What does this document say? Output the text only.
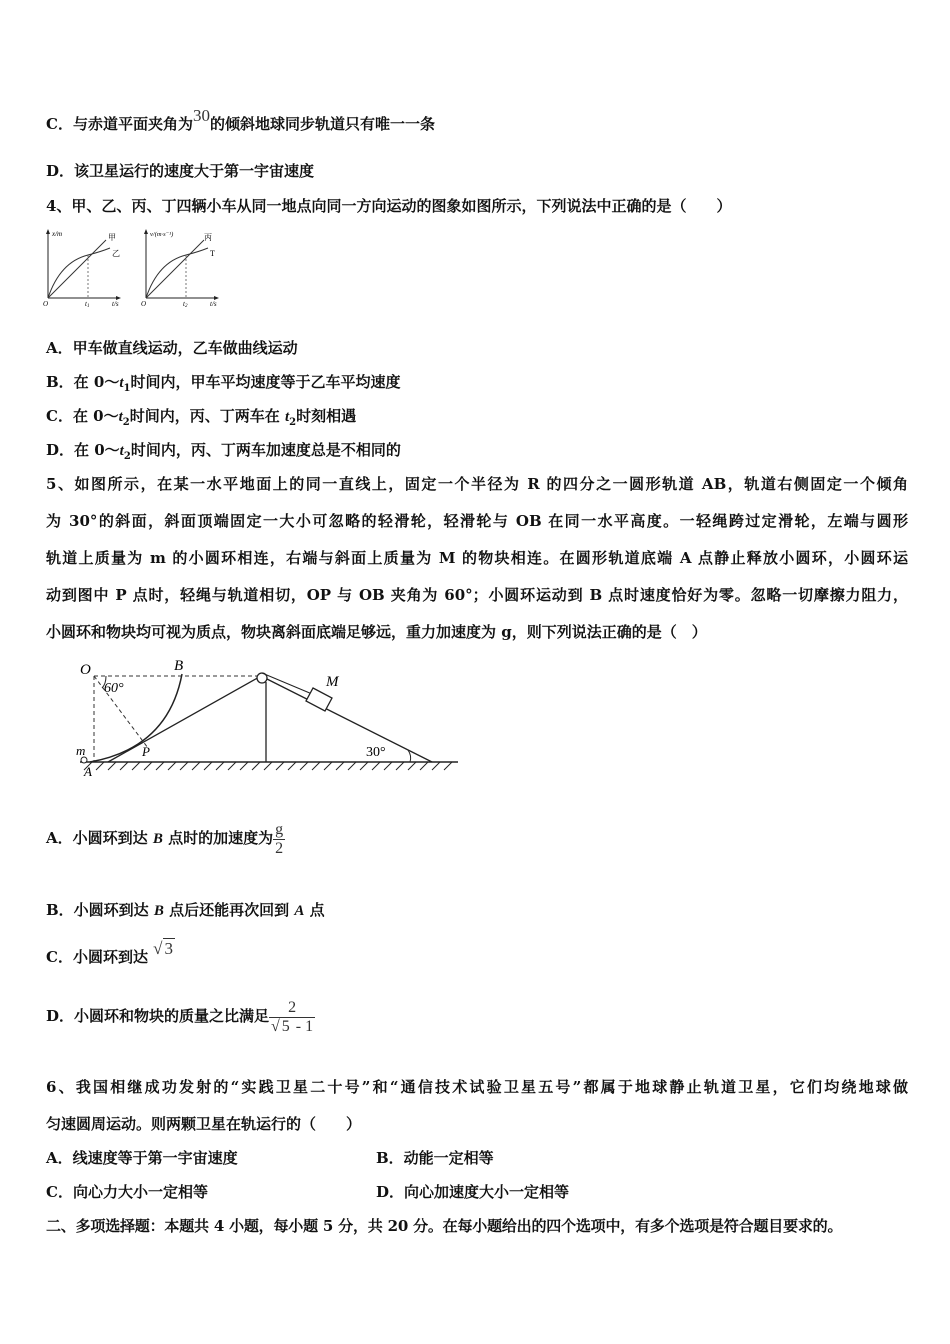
C．与赤道平面夹角为30的倾斜地球同步轨道只有唯一一条
D．该卫星运行的速度大于第一宇宙速度
4、甲、乙、丙、丁四辆小车从同一地点向同一方向运动的图象如图所示，下列说法中正确的是（　　）
x/m	甲
乙
O	t1	t/s
v/(m·s⁻¹)	丙
T
O	t2	t/s
A．甲车做直线运动，乙车做曲线运动
B．在 $0\sim t_1$时间内，甲车平均速度等于乙车平均速度
C．在 $0\sim t_2$时间内，丙、丁两车在 $t_2$时刻相遇
D．在 $0\sim t_2$时间内，丙、丁两车加速度总是不相同的
5、如图所示，在某一水平地面上的同一直线上，固定一个半径为 R 的四分之一圆形轨道 AB，轨道右侧固定一个倾角
为 30°的斜面，斜面顶端固定一大小可忽略的轻滑轮，轻滑轮与 OB 在同一水平高度。一轻绳跨过定滑轮，左端与圆形
轨道上质量为 m 的小圆环相连，右端与斜面上质量为 M 的物块相连。在圆形轨道底端 A 点静止释放小圆环，小圆环运
动到图中 P 点时，轻绳与轨道相切，OP 与 OB 夹角为 60°；小圆环运动到 B 点时速度恰好为零。忽略一切摩擦力阻力，
小圆环和物块均可视为质点，物块离斜面底端足够远，重力加速度为 g，则下列说法正确的是（　）
O	B
60°	M
m
A
P	30°
A．小圆环到达 B 点时的加速度为 $\frac{g}{2}$
B．小圆环到达 B 点后还能再次回到 A 点
C．小圆环到达 √ 3
D．小圆环和物块的质量之比满足 $\frac{2}{√ 5 - 1}$
6、我国相继成功发射的“实践卫星二十号”和“通信技术试验卫星五号”都属于地球静止轨道卫星，它们均绕地球做
匀速圆周运动。则两颗卫星在轨运行的（　　）
A．线速度等于第一宇宙速度	B．动能一定相等
C．向心力大小一定相等	D．向心加速度大小一定相等
二、多项选择题：本题共 4 小题，每小题 5 分，共 20 分。在每小题给出的四个选项中，有多个选项是符合题目要求的。
